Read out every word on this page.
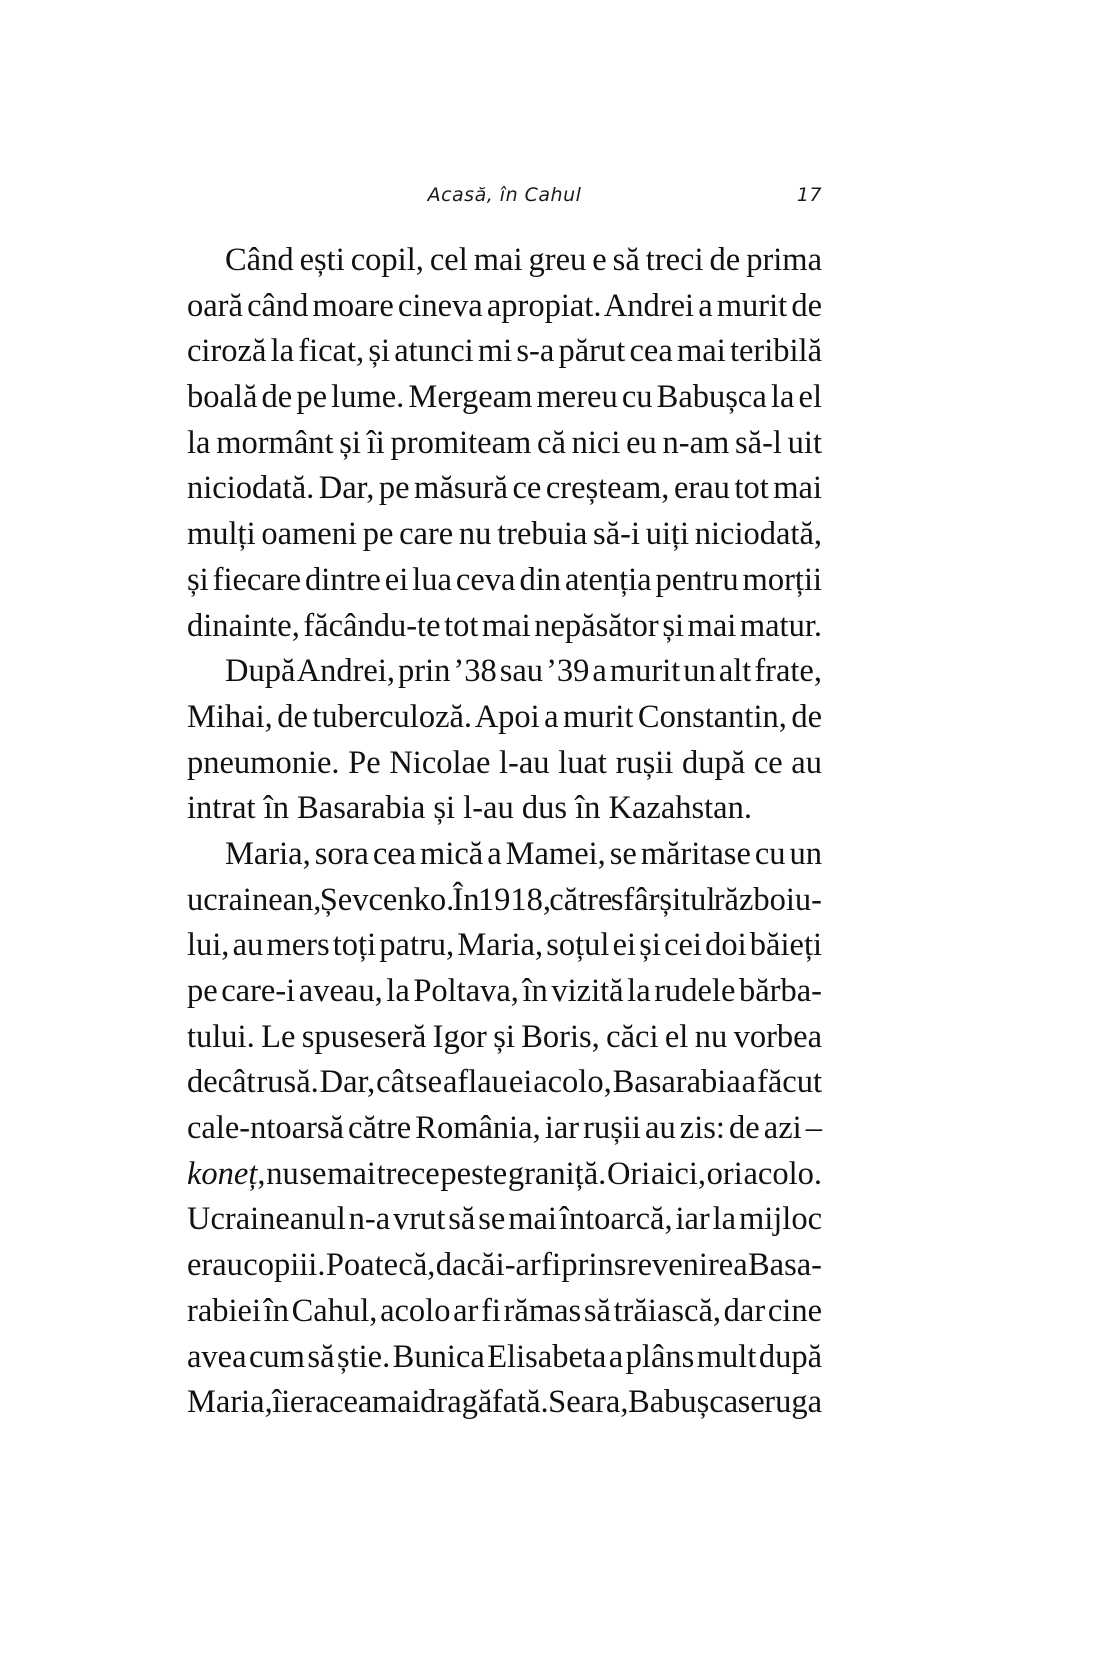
Acasă, în Cahul	17
Când ești copil, cel mai greu e să treci de prima
oară când moare cineva apropiat. Andrei a murit de
ciroză la ficat, și atunci mi s-a părut cea mai teribilă
boală de pe lume. Mergeam mereu cu Babușca la el
la mormânt și îi promiteam că nici eu n-am să-l uit
niciodată. Dar, pe măsură ce creșteam, erau tot mai
mulți oameni pe care nu trebuia să-i uiți niciodată,
și fiecare dintre ei lua ceva din atenția pentru morții
dinainte, făcându-te tot mai nepăsător și mai matur.
După Andrei, prin ’38 sau ’39 a murit un alt frate,
Mihai, de tuberculoză. Apoi a murit Constantin, de
pneumonie. Pe Nicolae l-au luat rușii după ce au
intrat în Basarabia și l-au dus în Kazahstan.
Maria, sora cea mică a Mamei, se măritase cu un
ucrainean, Șevcenko. În 1918, către sfârșitul războiu-
lui, au mers toți patru, Maria, soțul ei și cei doi băieți
pe care-i aveau, la Poltava, în vizită la rudele bărba-
tului. Le spuseseră Igor și Boris, căci el nu vorbea
decât rusă. Dar, cât se aflau ei acolo, Basarabia a făcut
cale-ntoarsă către România, iar rușii au zis: de azi –
koneț, nu se mai trece peste graniță. Ori aici, ori acolo.
Ucraineanul n-a vrut să se mai întoarcă, iar la mijloc
erau copiii. Poate că, dacă i-ar fi prins revenirea Basa-
rabiei în Cahul, acolo ar fi rămas să trăiască, dar cine
avea cum să știe. Bunica Elisabeta a plâns mult după
Maria, îi era cea mai dragă fată. Seara, Babușca se ruga
